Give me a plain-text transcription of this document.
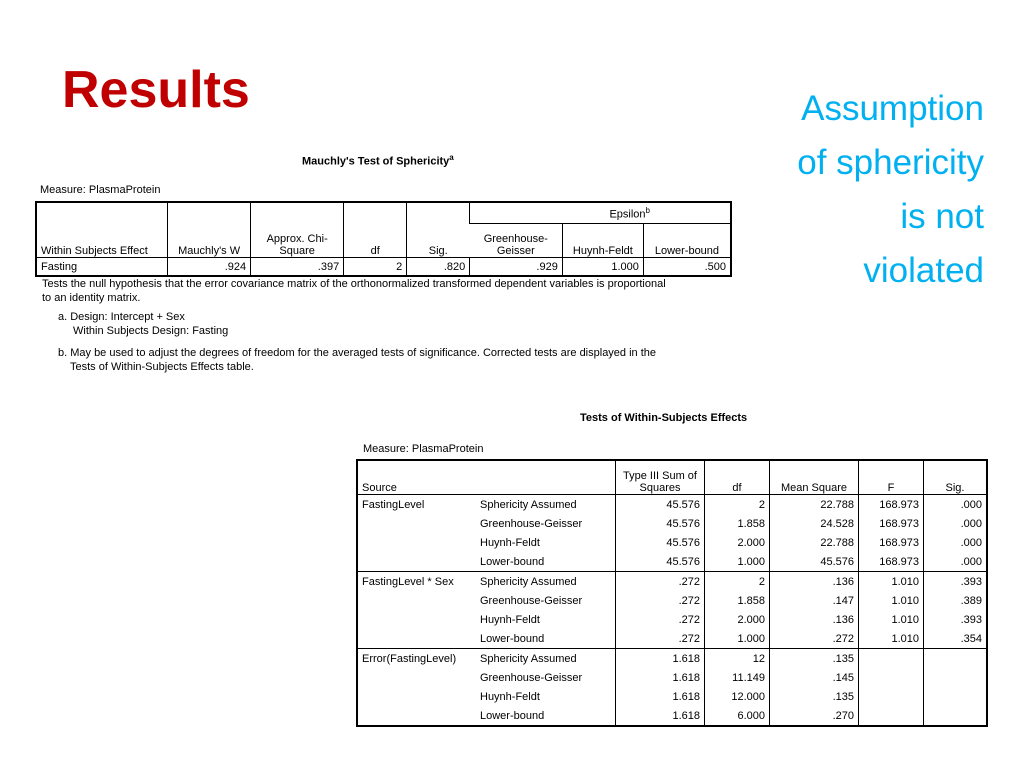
Results	Assumption
of sphericity
is not
violated

Mauchly's Test of Sphericity$^a$

Measure: PlasmaProtein

Within Subjects Effect	Mauchly's W	Approx. Chi-Square	df	Sig.	Epsilon$^b$
					Greenhouse-Geisser	Huynh-Feldt	Lower-bound
Fasting	.924	.397	2	.820	.929	1.000	.500

Tests the null hypothesis that the error covariance matrix of the orthonormalized transformed dependent variables is proportional
to an identity matrix.

a. Design: Intercept + Sex
Within Subjects Design: Fasting

b. May be used to adjust the degrees of freedom for the averaged tests of significance. Corrected tests are displayed in the
Tests of Within-Subjects Effects table.

Tests of Within-Subjects Effects

Measure: PlasmaProtein

Source		Type III Sum of Squares	df	Mean Square	F	Sig.
FastingLevel	Sphericity Assumed	45.576	2	22.788	168.973	.000
	Greenhouse-Geisser	45.576	1.858	24.528	168.973	.000
	Huynh-Feldt	45.576	2.000	22.788	168.973	.000
	Lower-bound	45.576	1.000	45.576	168.973	.000
FastingLevel * Sex	Sphericity Assumed	.272	2	.136	1.010	.393
	Greenhouse-Geisser	.272	1.858	.147	1.010	.389
	Huynh-Feldt	.272	2.000	.136	1.010	.393
	Lower-bound	.272	1.000	.272	1.010	.354
Error(FastingLevel)	Sphericity Assumed	1.618	12	.135		
	Greenhouse-Geisser	1.618	11.149	.145		
	Huynh-Feldt	1.618	12.000	.135		
	Lower-bound	1.618	6.000	.270		
